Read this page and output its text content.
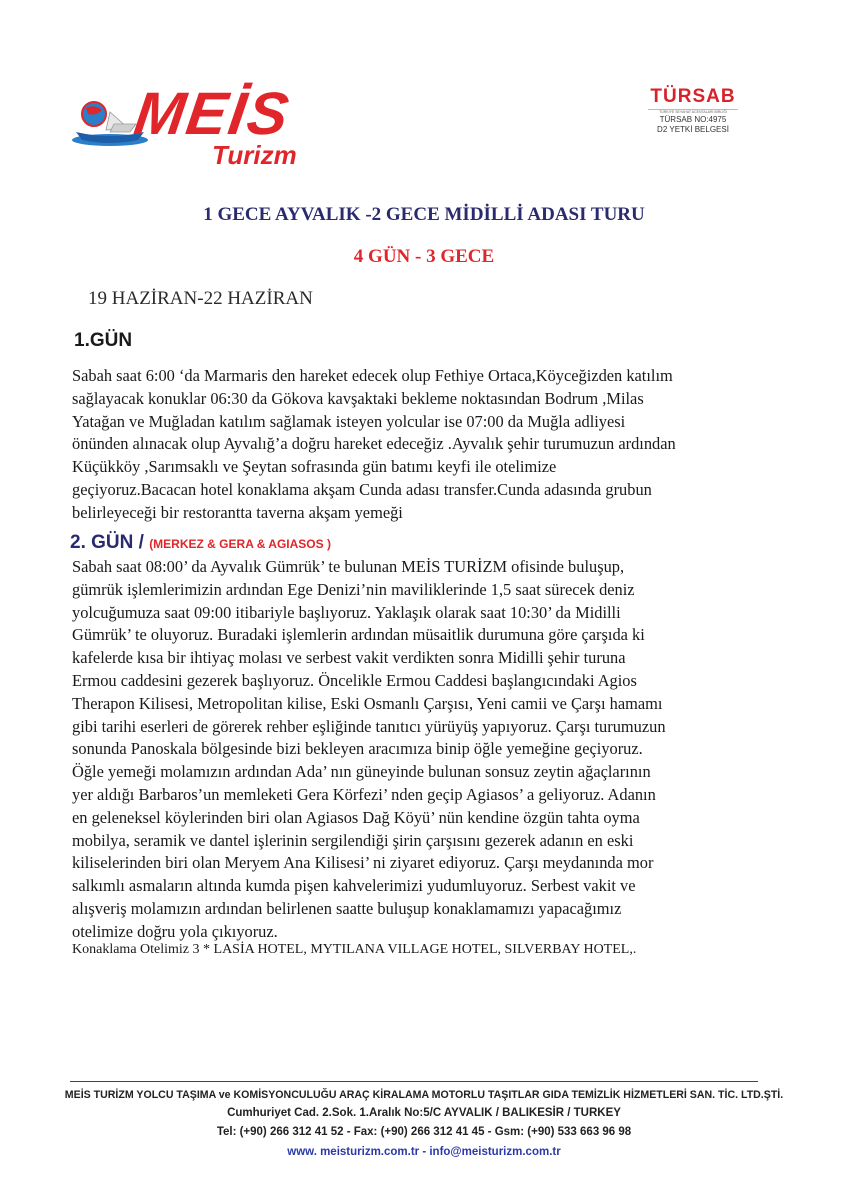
MEİS
Turizm
TÜRSAB
TÜRKİYE SEYAHAT ACENTALARI BİRLİĞİ
TÜRSAB NO:4975
D2 YETKİ BELGESİ
1 GECE AYVALIK -2 GECE MİDİLLİ ADASI TURU
4 GÜN - 3 GECE
19 HAZİRAN-22 HAZİRAN
1.GÜN
Sabah saat 6:00 ‘da Marmaris den hareket edecek olup Fethiye Ortaca,Köyceğizden katılım
sağlayacak konuklar 06:30 da Gökova kavşaktaki bekleme noktasından Bodrum ,Milas
Yatağan ve Muğladan katılım sağlamak isteyen yolcular ise 07:00 da Muğla adliyesi
önünden alınacak olup Ayvalığ’a doğru hareket edeceğiz .Ayvalık şehir turumuzun ardından
Küçükköy ,Sarımsaklı ve Şeytan sofrasında gün batımı keyfi ile otelimize
geçiyoruz.Bacacan hotel konaklama akşam Cunda adası transfer.Cunda adasında grubun
belirleyeceği bir restorantta taverna akşam yemeği
2. GÜN / (MERKEZ & GERA & AGIASOS )
Sabah saat 08:00’ da Ayvalık Gümrük’ te bulunan MEİS TURİZM ofisinde buluşup,
gümrük işlemlerimizin ardından Ege Denizi’nin maviliklerinde 1,5 saat sürecek deniz
yolcuğumuza saat 09:00 itibariyle başlıyoruz. Yaklaşık olarak saat 10:30’ da Midilli
Gümrük’ te oluyoruz. Buradaki işlemlerin ardından müsaitlik durumuna göre çarşıda ki
kafelerde kısa bir ihtiyaç molası ve serbest vakit verdikten sonra Midilli şehir turuna
Ermou caddesini gezerek başlıyoruz. Öncelikle Ermou Caddesi başlangıcındaki Agios
Therapon Kilisesi, Metropolitan kilise, Eski Osmanlı Çarşısı, Yeni camii ve Çarşı hamamı
gibi tarihi eserleri de görerek rehber eşliğinde tanıtıcı yürüyüş yapıyoruz. Çarşı turumuzun
sonunda Panoskala bölgesinde bizi bekleyen aracımıza binip öğle yemeğine geçiyoruz.
Öğle yemeği molamızın ardından Ada’ nın güneyinde bulunan sonsuz zeytin ağaçlarının
yer aldığı Barbaros’un memleketi Gera Körfezi’ nden geçip Agiasos’ a geliyoruz. Adanın
en geleneksel köylerinden biri olan Agiasos Dağ Köyü’ nün kendine özgün tahta oyma
mobilya, seramik ve dantel işlerinin sergilendiği şirin çarşısını gezerek adanın en eski
kiliselerinden biri olan Meryem Ana Kilisesi’ ni ziyaret ediyoruz. Çarşı meydanında mor
salkımlı asmaların altında kumda pişen kahvelerimizi yudumluyoruz. Serbest vakit ve
alışveriş molamızın ardından belirlenen saatte buluşup konaklamamızı yapacağımız
otelimize doğru yola çıkıyoruz.
Konaklama Otelimiz 3 * LASİA HOTEL, MYTILANA VILLAGE HOTEL, SILVERBAY HOTEL,.
MEİS TURİZM YOLCU TAŞIMA ve KOMİSYONCULUĞU ARAÇ KİRALAMA MOTORLU TAŞITLAR GIDA TEMİZLİK HİZMETLERİ SAN. TİC. LTD.ŞTİ.
Cumhuriyet Cad. 2.Sok. 1.Aralık No:5/C AYVALIK / BALIKESİR / TURKEY
Tel: (+90) 266 312 41 52 - Fax: (+90) 266 312 41 45 - Gsm: (+90) 533 663 96 98
www. meisturizm.com.tr - info@meisturizm.com.tr
